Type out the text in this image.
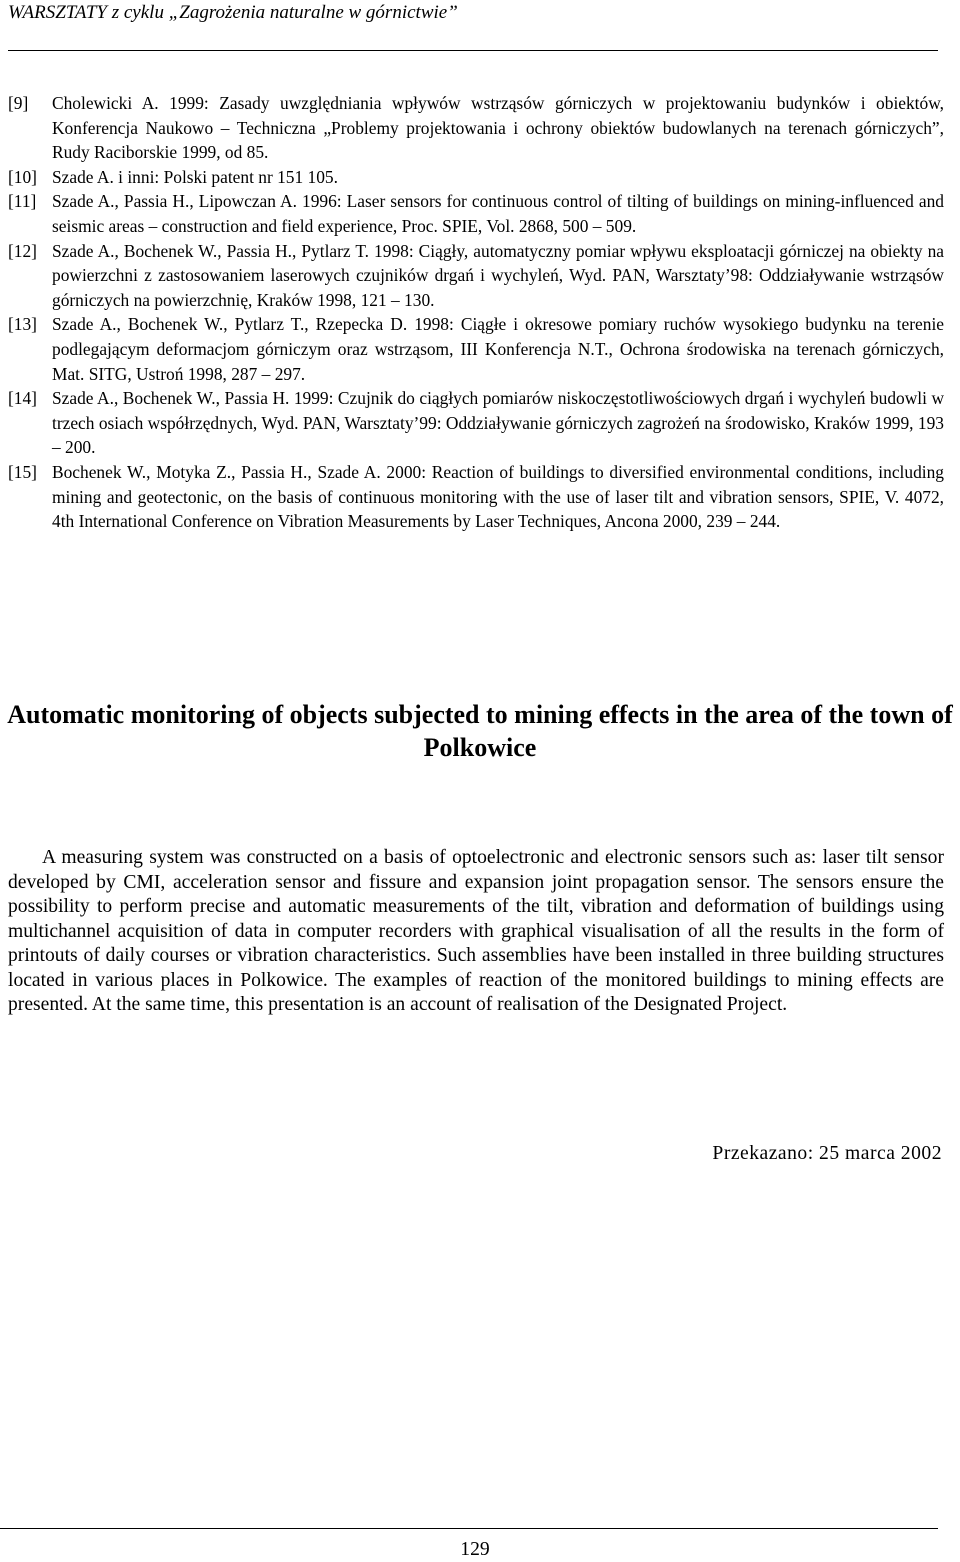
WARSZTATY z cyklu „Zagrożenia naturalne w górnictwie”

[9] Cholewicki A. 1999: Zasady uwzględniania wpływów wstrząsów górniczych w projektowaniu budynków i obiektów, Konferencja Naukowo – Techniczna „Problemy projektowania i ochrony obiektów budowlanych na terenach górniczych”, Rudy Raciborskie 1999, od 85.

[10] Szade A. i inni: Polski patent nr 151 105.

[11] Szade A., Passia H., Lipowczan A. 1996: Laser sensors for continuous control of tilting of buildings on mining-influenced and seismic areas – construction and field experience, Proc. SPIE, Vol. 2868, 500 – 509.

[12] Szade A., Bochenek W., Passia H., Pytlarz T. 1998: Ciągły, automatyczny pomiar wpływu eksploatacji górniczej na obiekty na powierzchni z zastosowaniem laserowych czujników drgań i wychyleń, Wyd. PAN, Warsztaty’98: Oddziaływanie wstrząsów górniczych na powierzchnię, Kraków 1998, 121 – 130.

[13] Szade A., Bochenek W., Pytlarz T., Rzepecka D. 1998: Ciągłe i okresowe pomiary ruchów wysokiego budynku na terenie podlegającym deformacjom górniczym oraz wstrząsom, III Konferencja N.T., Ochrona środowiska na terenach górniczych, Mat. SITG, Ustroń 1998, 287 – 297.

[14] Szade A., Bochenek W., Passia H. 1999: Czujnik do ciągłych pomiarów niskoczęstotliwościowych drgań i wychyleń budowli w trzech osiach współrzędnych, Wyd. PAN, Warsztaty’99: Oddziaływanie górniczych zagrożeń na środowisko, Kraków 1999, 193 – 200.

[15] Bochenek W., Motyka Z., Passia H., Szade A. 2000: Reaction of buildings to diversified environmental conditions, including mining and geotectonic, on the basis of continuous monitoring with the use of laser tilt and vibration sensors, SPIE, V. 4072, 4th International Conference on Vibration Measurements by Laser Techniques, Ancona 2000, 239 – 244.

Automatic monitoring of objects subjected to mining effects in the area of the town of Polkowice

A measuring system was constructed on a basis of optoelectronic and electronic sensors such as: laser tilt sensor developed by CMI, acceleration sensor and fissure and expansion joint propagation sensor. The sensors ensure the possibility to perform precise and automatic measurements of the tilt, vibration and deformation of buildings using multichannel acquisition of data in computer recorders with graphical visualisation of all the results in the form of printouts of daily courses or vibration characteristics. Such assemblies have been installed in three building structures located in various places in Polkowice. The examples of reaction of the monitored buildings to mining effects are presented. At the same time, this presentation is an account of realisation of the Designated Project.

Przekazano: 25 marca 2002
129
